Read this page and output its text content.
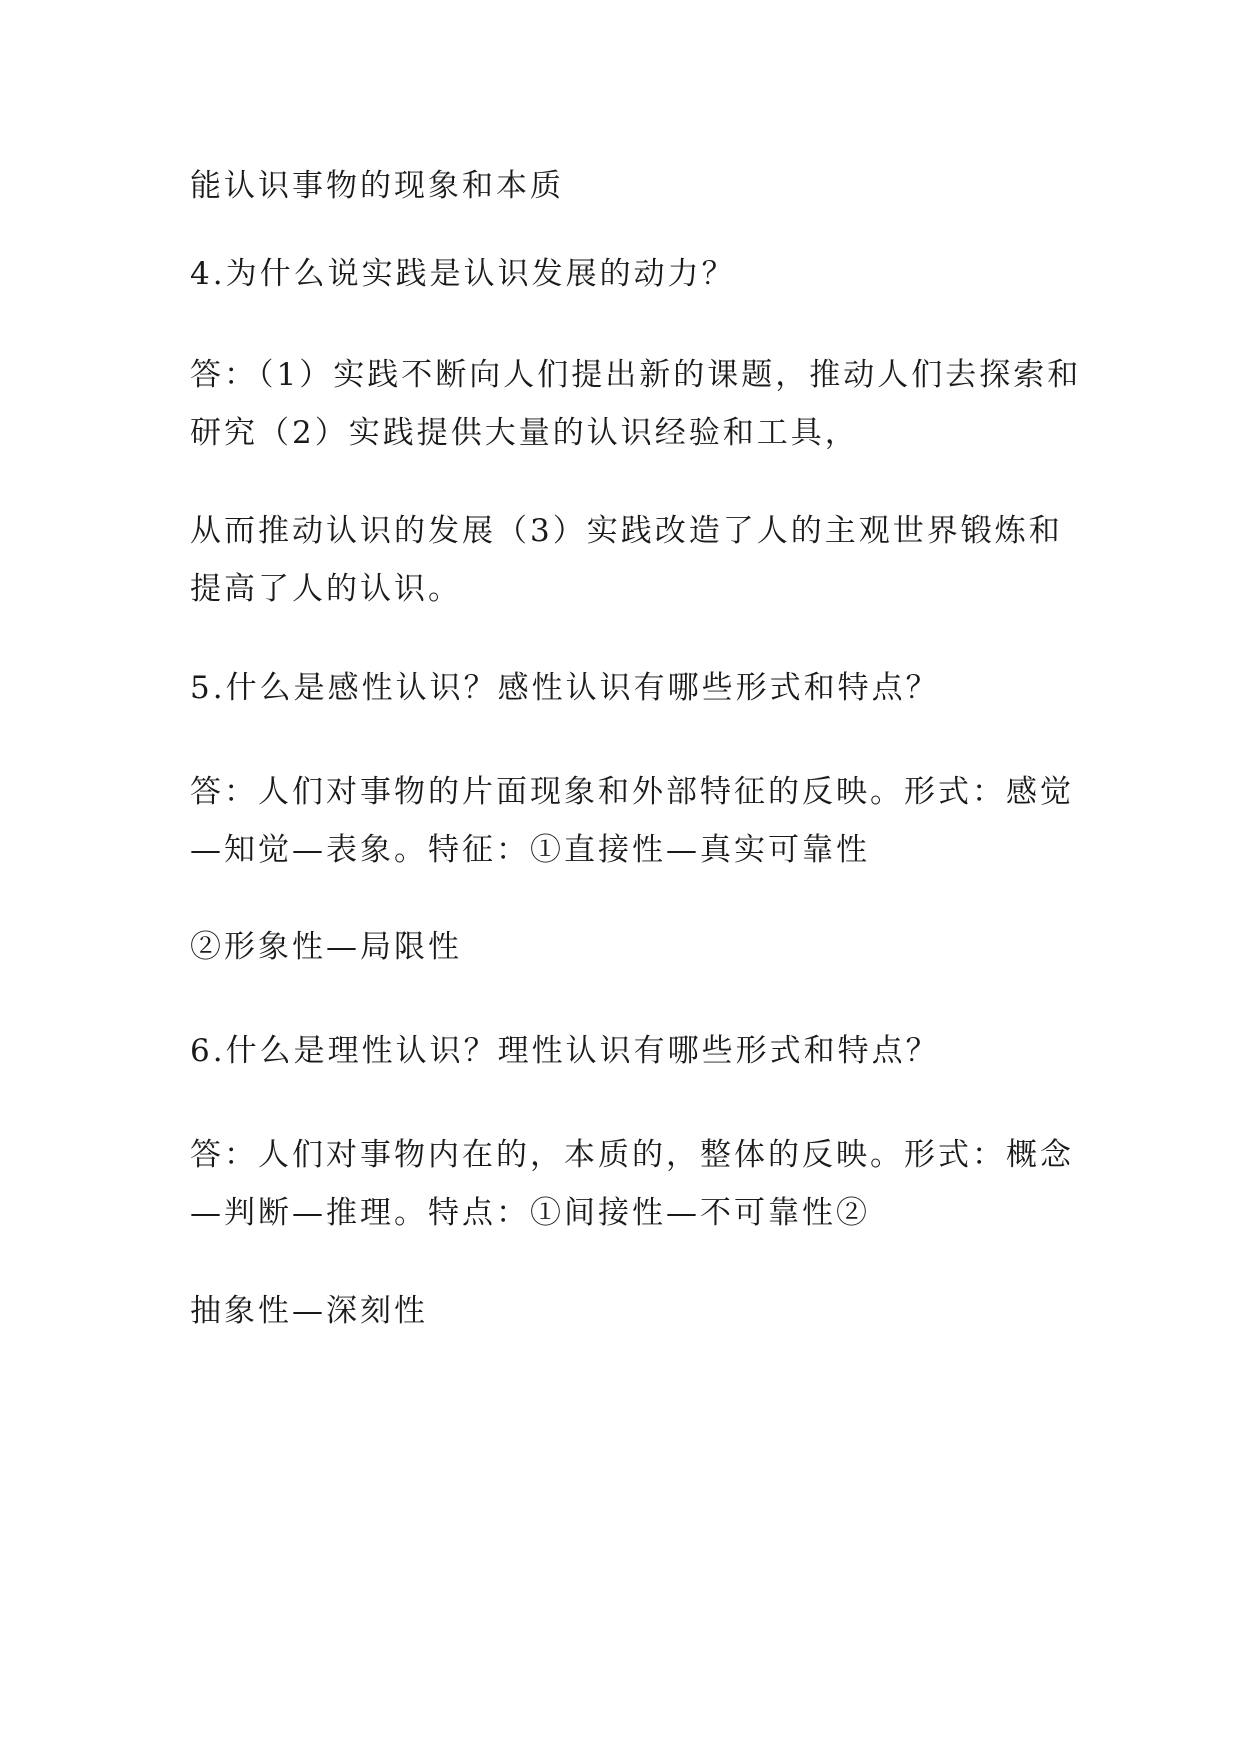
能认识事物的现象和本质
4.为什么说实践是认识发展的动力？
答：（1）实践不断向人们提出新的课题，推动人们去探索和
研究（2）实践提供大量的认识经验和工具，
从而推动认识的发展（3）实践改造了人的主观世界锻炼和
提高了人的认识。
5.什么是感性认识？感性认识有哪些形式和特点？
答：人们对事物的片面现象和外部特征的反映。形式：感觉
—知觉—表象。特征：①直接性—真实可靠性
②形象性—局限性
6.什么是理性认识？理性认识有哪些形式和特点？
答：人们对事物内在的，本质的，整体的反映。形式：概念
—判断—推理。特点：①间接性—不可靠性②
抽象性—深刻性
